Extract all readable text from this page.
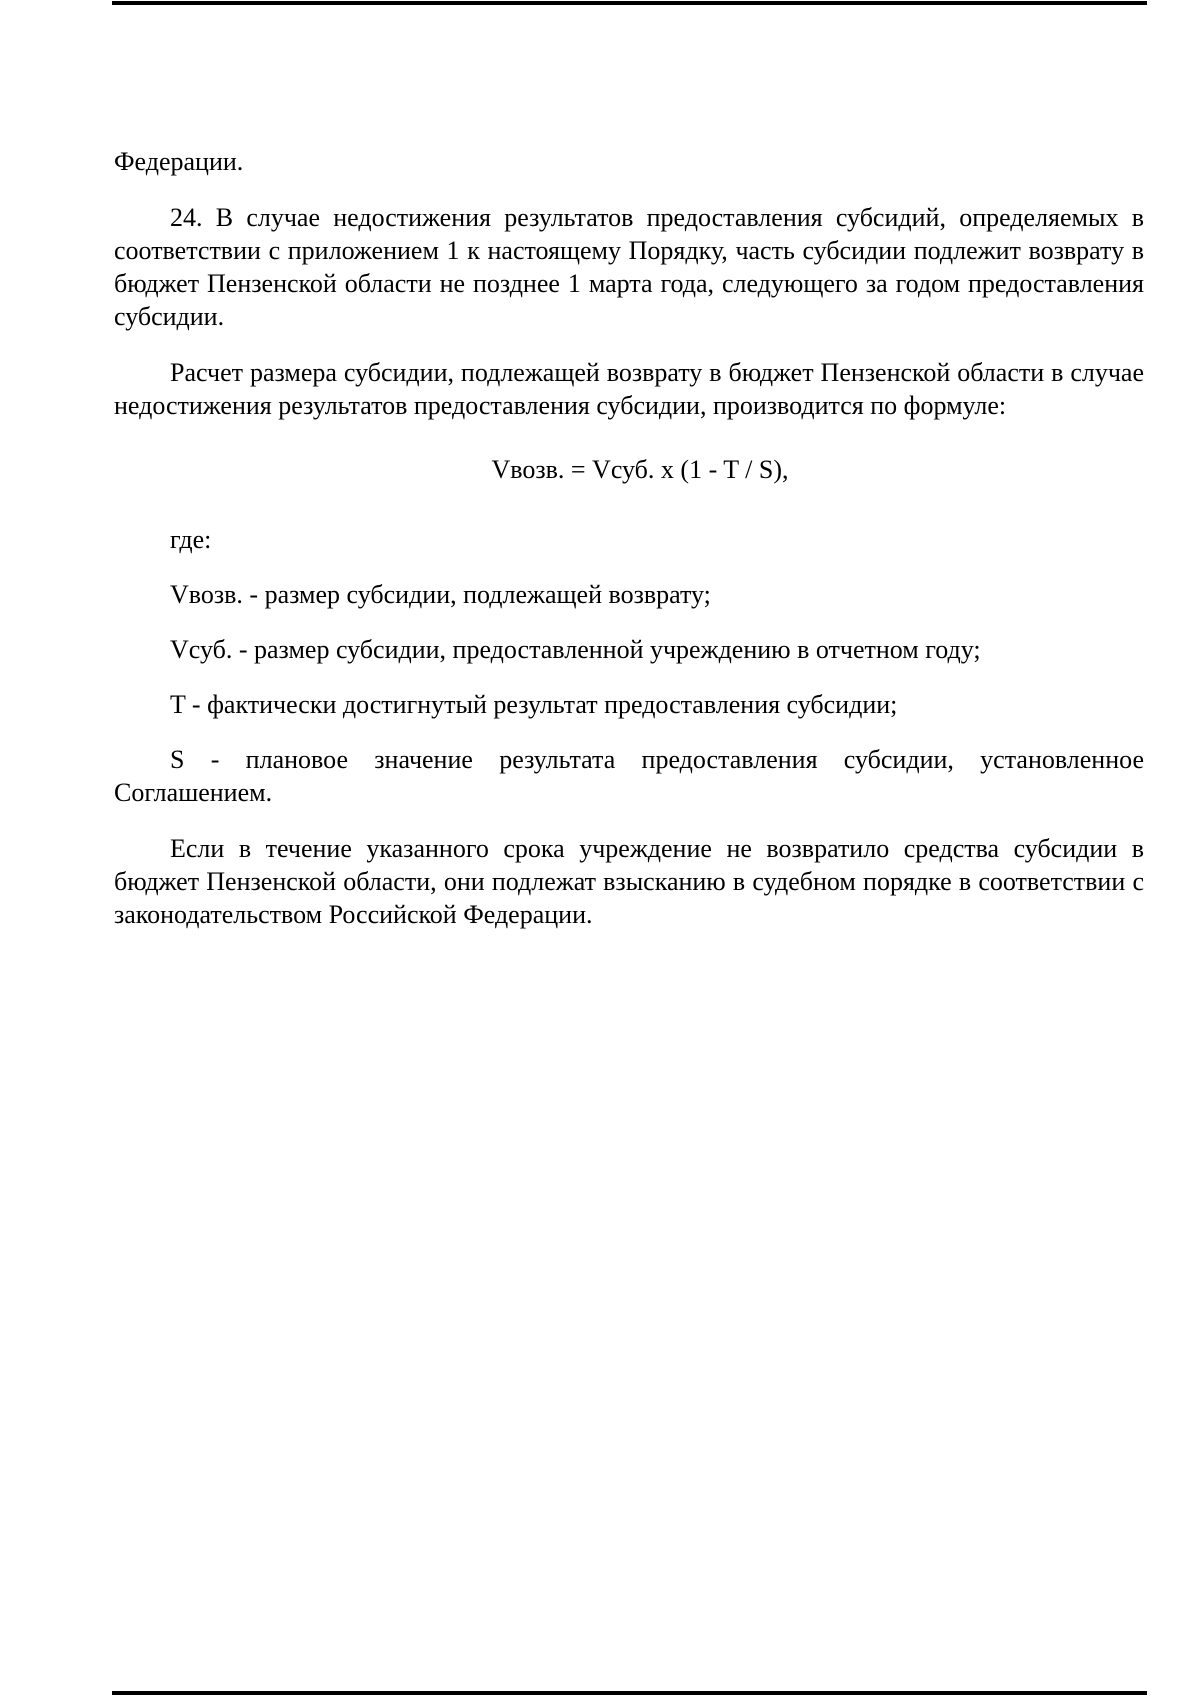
Федерации.

24. В случае недостижения результатов предоставления субсидий, определяемых в соответствии с приложением 1 к настоящему Порядку, часть субсидии подлежит возврату в бюджет Пензенской области не позднее 1 марта года, следующего за годом предоставления субсидии.

Расчет размера субсидии, подлежащей возврату в бюджет Пензенской области в случае недостижения результатов предоставления субсидии, производится по формуле:

Vвозв. = Vсуб. x (1 - T / S),

где:

Vвозв. - размер субсидии, подлежащей возврату;

Vсуб. - размер субсидии, предоставленной учреждению в отчетном году;

T - фактически достигнутый результат предоставления субсидии;

S - плановое значение результата предоставления субсидии, установленное Соглашением.

Если в течение указанного срока учреждение не возвратило средства субсидии в бюджет Пензенской области, они подлежат взысканию в судебном порядке в соответствии с законодательством Российской Федерации.
